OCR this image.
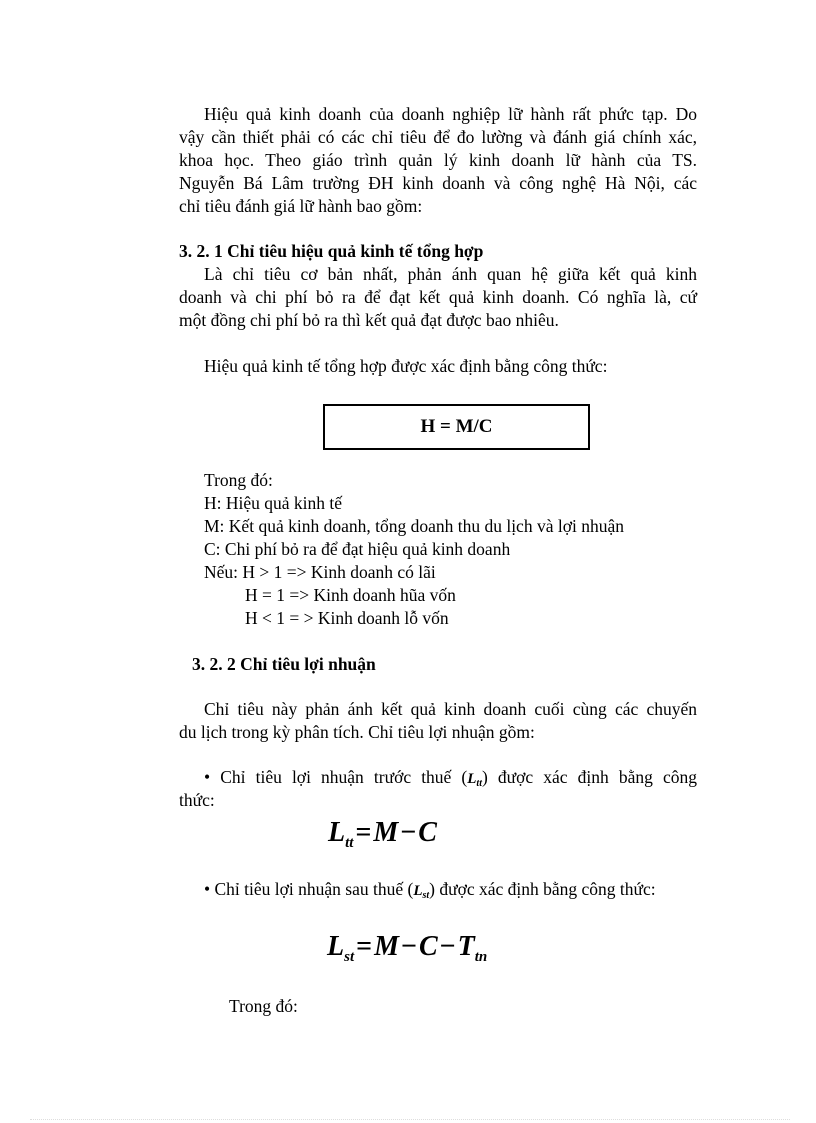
Hiệu quả kinh doanh của doanh nghiệp lữ hành rất phức tạp. Do
vậy cần thiết phải có các chỉ tiêu để đo lường và đánh giá chính xác,
khoa học. Theo giáo trình quản lý kinh doanh lữ hành của TS.
Nguyễn Bá Lâm trường ĐH kinh doanh và công nghệ Hà Nội, các
chỉ tiêu đánh giá lữ hành bao gồm:
3. 2. 1 Chỉ tiêu hiệu quả kinh tế tổng hợp
Là chỉ tiêu cơ bản nhất, phản ánh quan hệ giữa kết quả kinh
doanh và chi phí bỏ ra để đạt kết quả kinh doanh. Có nghĩa là, cứ
một đồng chi phí bỏ ra thì kết quả đạt được bao nhiêu.
Hiệu quả kinh tế tổng hợp được xác định bằng công thức:
H = M/C
Trong đó:
H: Hiệu quả kinh tế
M: Kết quả kinh doanh, tổng doanh thu du lịch và lợi nhuận
C: Chi phí bỏ ra để đạt hiệu quả kinh doanh
Nếu: H > 1 => Kinh doanh có lãi
H = 1 => Kinh doanh hũa vốn
H < 1 = > Kinh doanh lỗ vốn
3. 2. 2 Chỉ tiêu lợi nhuận
Chỉ tiêu này phản ánh kết quả kinh doanh cuối cùng các chuyến
du lịch trong kỳ phân tích. Chỉ tiêu lợi nhuận gồm:
• Chỉ tiêu lợi nhuận trước thuế $(L_{tt})$ được xác định bằng công
thức:
$L_{tt}=M-C$
• Chỉ tiêu lợi nhuận sau thuế $(L_{st})$ được xác định bằng công thức:
$L_{st}=M-C-T_{tn}$
Trong đó:
